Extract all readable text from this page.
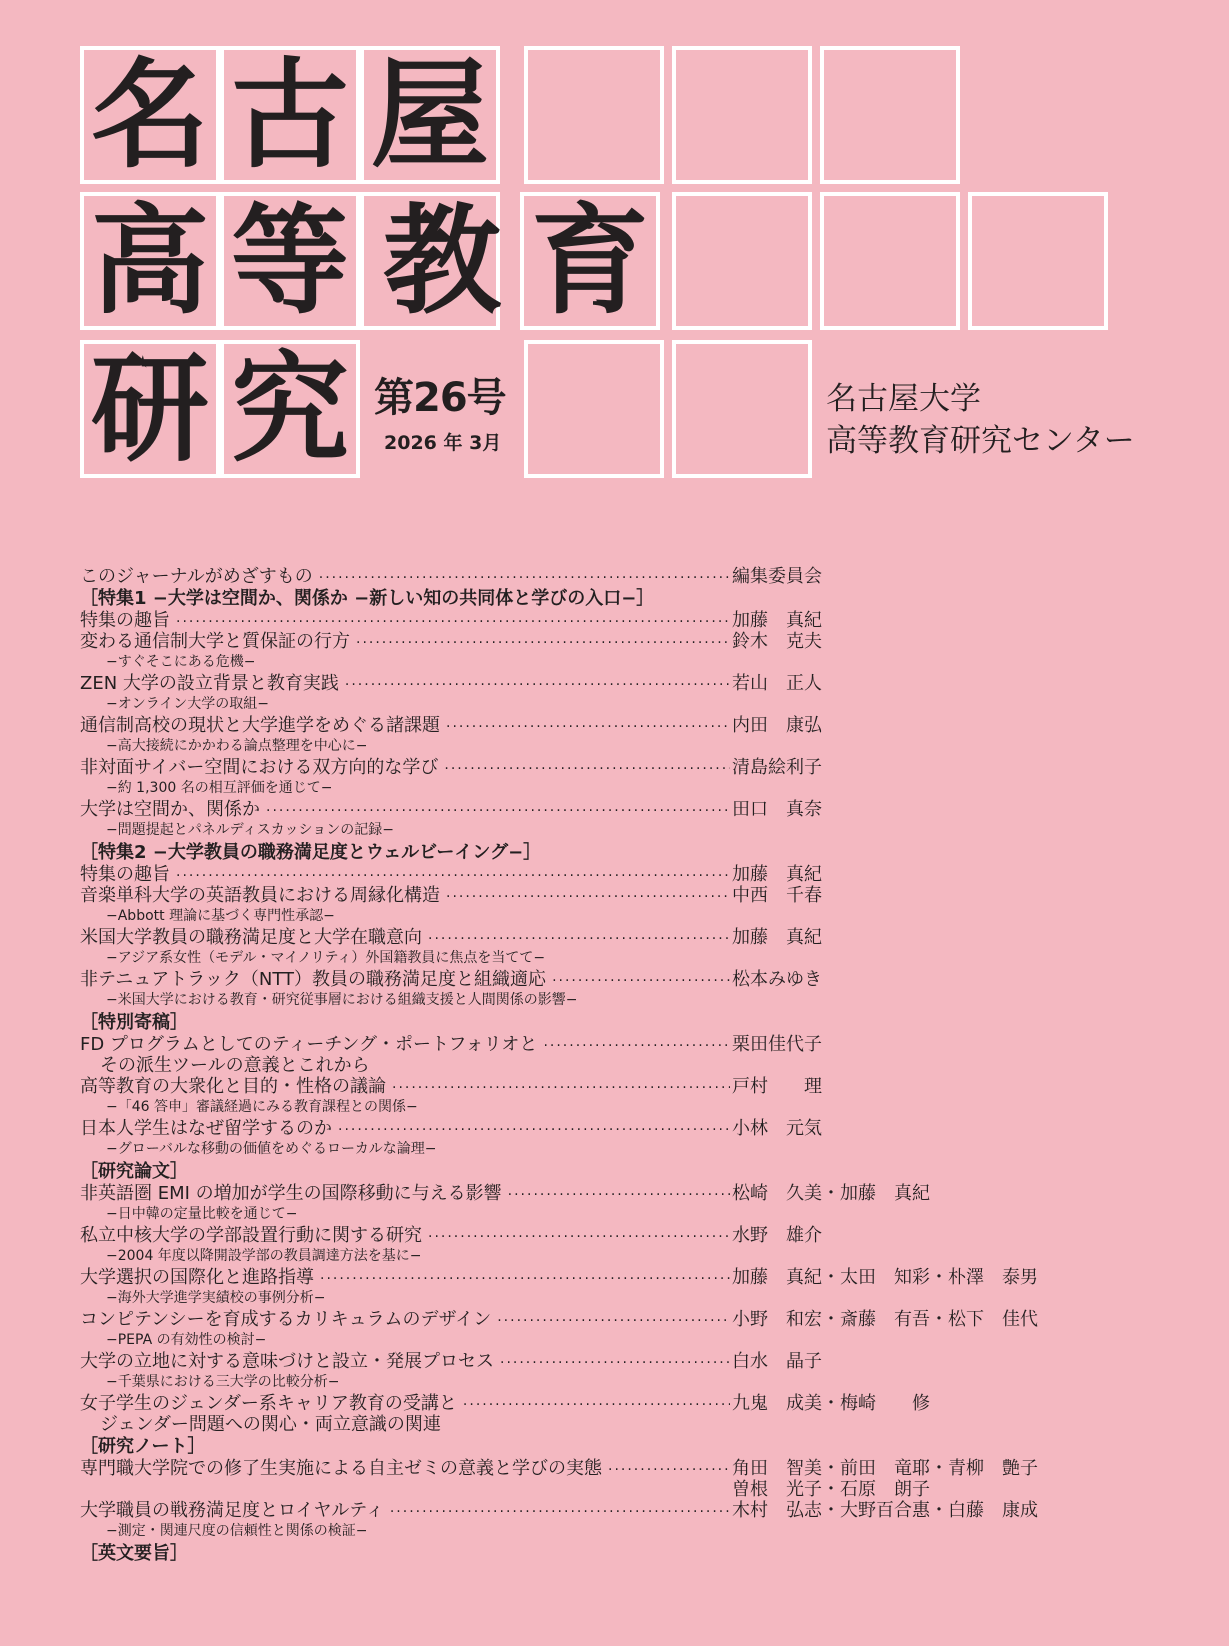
名 古 屋
高 等 教 育
研 究 第26号
2026 年 3月
名古屋大学
高等教育研究センター
このジャーナルがめざすもの ·····	編集委員会
［特集1 −大学は空間か、関係か −新しい知の共同体と学びの入口−］
特集の趣旨 ·····	加藤　真紀
変わる通信制大学と質保証の行方 ·····	鈴木　克夫
−すぐそこにある危機−
ZEN 大学の設立背景と教育実践 ·····	若山　正人
−オンライン大学の取組−
通信制高校の現状と大学進学をめぐる諸課題 ·····	内田　康弘
−高大接続にかかわる論点整理を中心に−
非対面サイバー空間における双方向的な学び ·····	清島絵利子
−約 1,300 名の相互評価を通じて−
大学は空間か、関係か ·····	田口　真奈
−問題提起とパネルディスカッションの記録−
［特集2 −大学教員の職務満足度とウェルビーイング−］
特集の趣旨 ·····	加藤　真紀
音楽単科大学の英語教員における周縁化構造 ·····	中西　千春
−Abbott 理論に基づく専門性承認−
米国大学教員の職務満足度と大学在職意向 ·····	加藤　真紀
−アジア系女性（モデル・マイノリティ）外国籍教員に焦点を当てて−
非テニュアトラック（NTT）教員の職務満足度と組織適応 ·····	松本みゆき
−米国大学における教育・研究従事層における組織支援と人間関係の影響−
［特別寄稿］
FD プログラムとしてのティーチング・ポートフォリオと ·····	栗田佳代子
その派生ツールの意義とこれから
高等教育の大衆化と目的・性格の議論 ·····	戸村　　理
−「46 答申」審議経過にみる教育課程との関係−
日本人学生はなぜ留学するのか ·····	小林　元気
−グローバルな移動の価値をめぐるローカルな論理−
［研究論文］
非英語圏 EMI の増加が学生の国際移動に与える影響 ·····	松崎　久美・加藤　真紀
−日中韓の定量比較を通じて−
私立中核大学の学部設置行動に関する研究 ·····	水野　雄介
−2004 年度以降開設学部の教員調達方法を基に−
大学選択の国際化と進路指導 ·····	加藤　真紀・太田　知彩・朴澤　泰男
−海外大学進学実績校の事例分析−
コンピテンシーを育成するカリキュラムのデザイン ·····	小野　和宏・斎藤　有吾・松下　佳代
−PEPA の有効性の検討−
大学の立地に対する意味づけと設立・発展プロセス ·····	白水　晶子
−千葉県における三大学の比較分析−
女子学生のジェンダー系キャリア教育の受講と ·····	九鬼　成美・梅崎　　修
ジェンダー問題への関心・両立意識の関連
［研究ノート］
専門職大学院での修了生実施による自主ゼミの意義と学びの実態 ·····	角田　智美・前田　竜耶・青柳　艶子
曽根　光子・石原　朗子
大学職員の戦務満足度とロイヤルティ ·····	木村　弘志・大野百合惠・白藤　康成
−測定・関連尺度の信頼性と関係の検証−
［英文要旨］
